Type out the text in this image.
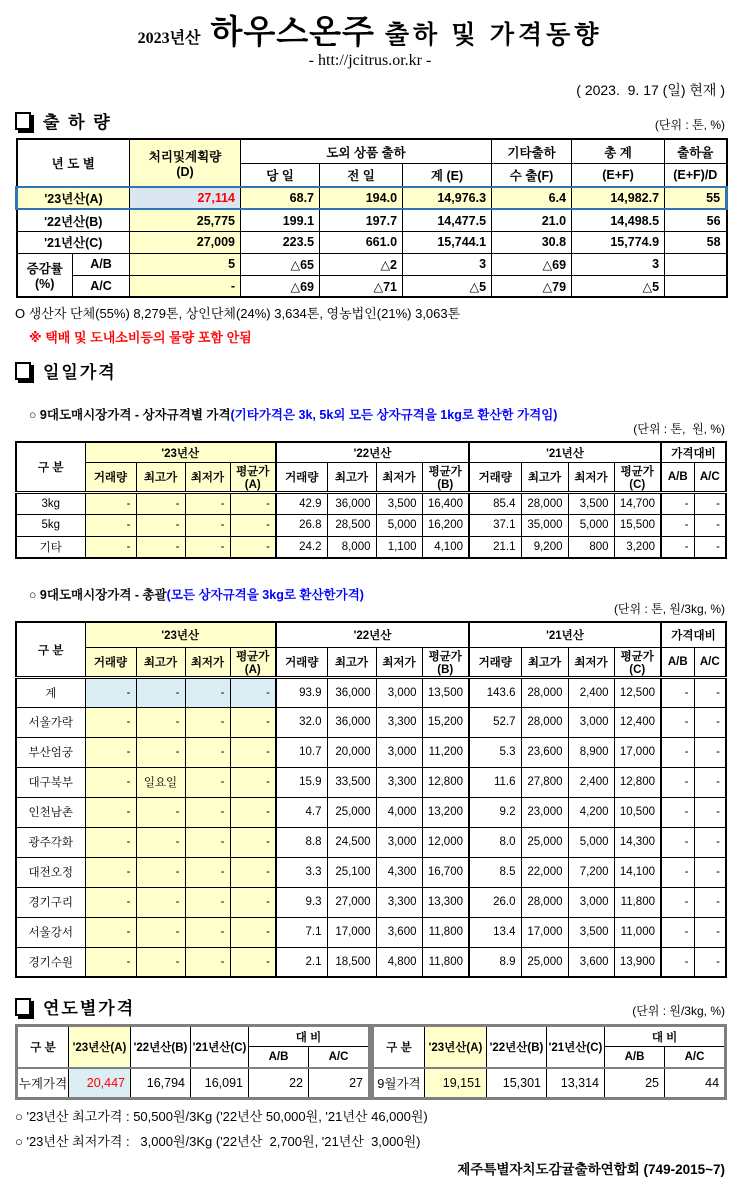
2023년산 하우스온주 출하 및 가격동향
- htt://jcitrus.or.kr -
( 2023.  9. 17 (일) 현재 )
출 하 량	(단위 : 톤, %)
년 도 별		처리및계획량
(D)	도외 상품 출하			기타출하	총 계	출하율
			당 일	전 일	계 (E)	수 출(F)	(E+F)	(E+F)/D
'23년산(A)		27,114	68.7	194.0	14,976.3	6.4	14,982.7	55
'22년산(B)		25,775	199.1	197.7	14,477.5	21.0	14,498.5	56
'21년산(C)		27,009	223.5	661.0	15,744.1	30.8	15,774.9	58
증감률
(%)	A/B	5	△65	△2	3	△69	3	
	A/C	-	△69	△71	△5	△79	△5	
O 생산자 단체(55%) 8,279톤, 상인단체(24%) 3,634톤, 영농법인(21%) 3,063톤
※ 택배 및 도내소비등의 물량 포함 안됨
일일가격

○ 9대도매시장가격 - 상자규격별 가격(기타가격은 3k, 5k외 모든 상자규격을 1kg로 환산한 가격임)

(단위 : 톤,  원, %)
구 분	'23년산				'22년산				'21년산				가격대비	
	거래량	최고가	최저가	평균가(A)	거래량	최고가	최저가	평균가(B)	거래량	최고가	최저가	평균가(C)	A/B	A/C
3kg	-	-	-	-	42.9	36,000	3,500	16,400	85.4	28,000	3,500	14,700	-	-
5kg	-	-	-	-	26.8	28,500	5,000	16,200	37.1	35,000	5,000	15,500	-	-
기타	-	-	-	-	24.2	8,000	1,100	4,100	21.1	9,200	800	3,200	-	-

○ 9대도매시장가격 - 총괄(모든 상자규격을 3kg로 환산한가격)

(단위 : 톤, 원/3kg, %)
구 분	'23년산				'22년산				'21년산				가격대비	
	거래량	최고가	최저가	평균가(A)	거래량	최고가	최저가	평균가(B)	거래량	최고가	최저가	평균가(C)	A/B	A/C
계	-	-	-	-	93.9	36,000	3,000	13,500	143.6	28,000	2,400	12,500	-	-
서울가락	-	-	-	-	32.0	36,000	3,300	15,200	52.7	28,000	3,000	12,400	-	-
부산엄궁	-	-	-	-	10.7	20,000	3,000	11,200	5.3	23,600	8,900	17,000	-	-
대구북부	-	일요일	-	-	15.9	33,500	3,300	12,800	11.6	27,800	2,400	12,800	-	-
인천남촌	-	-	-	-	4.7	25,000	4,000	13,200	9.2	23,000	4,200	10,500	-	-
광주각화	-	-	-	-	8.8	24,500	3,000	12,000	8.0	25,000	5,000	14,300	-	-
대전오정	-	-	-	-	3.3	25,100	4,300	16,700	8.5	22,000	7,200	14,100	-	-
경기구리	-	-	-	-	9.3	27,000	3,300	13,300	26.0	28,000	3,000	11,800	-	-
서울강서	-	-	-	-	7.1	17,000	3,600	11,800	13.4	17,000	3,500	11,000	-	-
경기수원	-	-	-	-	2.1	18,500	4,800	11,800	8.9	25,000	3,600	13,900	-	-
연도별가격	(단위 : 원/3kg, %)
구 분	'23년산(A)	'22년산(B)	'21년산(C)	대 비	
				A/B	A/C
누계가격	20,447	16,794	16,091	22	27
구 분	'23년산(A)	'22년산(B)	'21년산(C)	대 비	
				A/B	A/C
9월가격	19,151	15,301	13,314	25	44
○ '23년산 최고가격 : 50,500원/3Kg ('22년산 50,000원, '21년산 46,000원)
○ '23년산 최저가격 :   3,000원/3Kg ('22년산  2,700원, '21년산  3,000원)
제주특별자치도감귤출하연합회 (749-2015~7)
